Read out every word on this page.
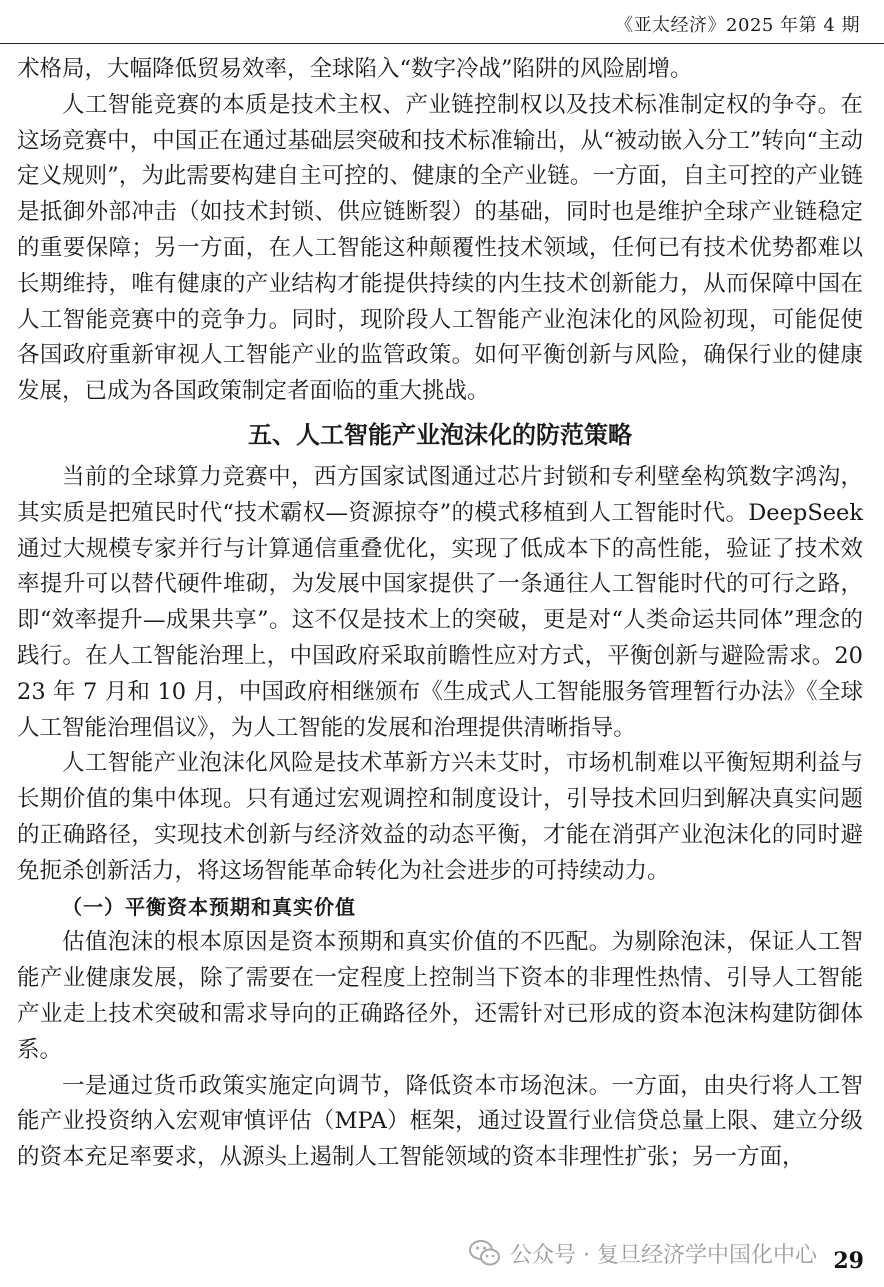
《亚太经济》2025 年第 4 期

术格局，大幅降低贸易效率，全球陷入“数字冷战”陷阱的风险剧增。

人工智能竞赛的本质是技术主权、产业链控制权以及技术标准制定权的争夺。在这场竞赛中，中国正在通过基础层突破和技术标准输出，从“被动嵌入分工”转向“主动定义规则”，为此需要构建自主可控的、健康的全产业链。一方面，自主可控的产业链是抵御外部冲击（如技术封锁、供应链断裂）的基础，同时也是维护全球产业链稳定的重要保障；另一方面，在人工智能这种颠覆性技术领域，任何已有技术优势都难以长期维持，唯有健康的产业结构才能提供持续的内生技术创新能力，从而保障中国在人工智能竞赛中的竞争力。同时，现阶段人工智能产业泡沫化的风险初现，可能促使各国政府重新审视人工智能产业的监管政策。如何平衡创新与风险，确保行业的健康发展，已成为各国政策制定者面临的重大挑战。

五、人工智能产业泡沫化的防范策略

当前的全球算力竞赛中，西方国家试图通过芯片封锁和专利壁垒构筑数字鸿沟，其实质是把殖民时代“技术霸权—资源掠夺”的模式移植到人工智能时代。DeepSeek 通过大规模专家并行与计算通信重叠优化，实现了低成本下的高性能，验证了技术效率提升可以替代硬件堆砌，为发展中国家提供了一条通往人工智能时代的可行之路，即“效率提升—成果共享”。这不仅是技术上的突破，更是对“人类命运共同体”理念的践行。在人工智能治理上，中国政府采取前瞻性应对方式，平衡创新与避险需求。2023 年 7 月和 10 月，中国政府相继颁布《生成式人工智能服务管理暂行办法》《全球人工智能治理倡议》，为人工智能的发展和治理提供清晰指导。

人工智能产业泡沫化风险是技术革新方兴未艾时，市场机制难以平衡短期利益与长期价值的集中体现。只有通过宏观调控和制度设计，引导技术回归到解决真实问题的正确路径，实现技术创新与经济效益的动态平衡，才能在消弭产业泡沫化的同时避免扼杀创新活力，将这场智能革命转化为社会进步的可持续动力。

（一）平衡资本预期和真实价值

估值泡沫的根本原因是资本预期和真实价值的不匹配。为剔除泡沫，保证人工智能产业健康发展，除了需要在一定程度上控制当下资本的非理性热情、引导人工智能产业走上技术突破和需求导向的正确路径外，还需针对已形成的资本泡沫构建防御体系。

一是通过货币政策实施定向调节，降低资本市场泡沫。一方面，由央行将人工智能产业投资纳入宏观审慎评估（MPA）框架，通过设置行业信贷总量上限、建立分级的资本充足率要求，从源头上遏制人工智能领域的资本非理性扩张；另一方面，

公众号 · 复旦经济学中国化中心 29
